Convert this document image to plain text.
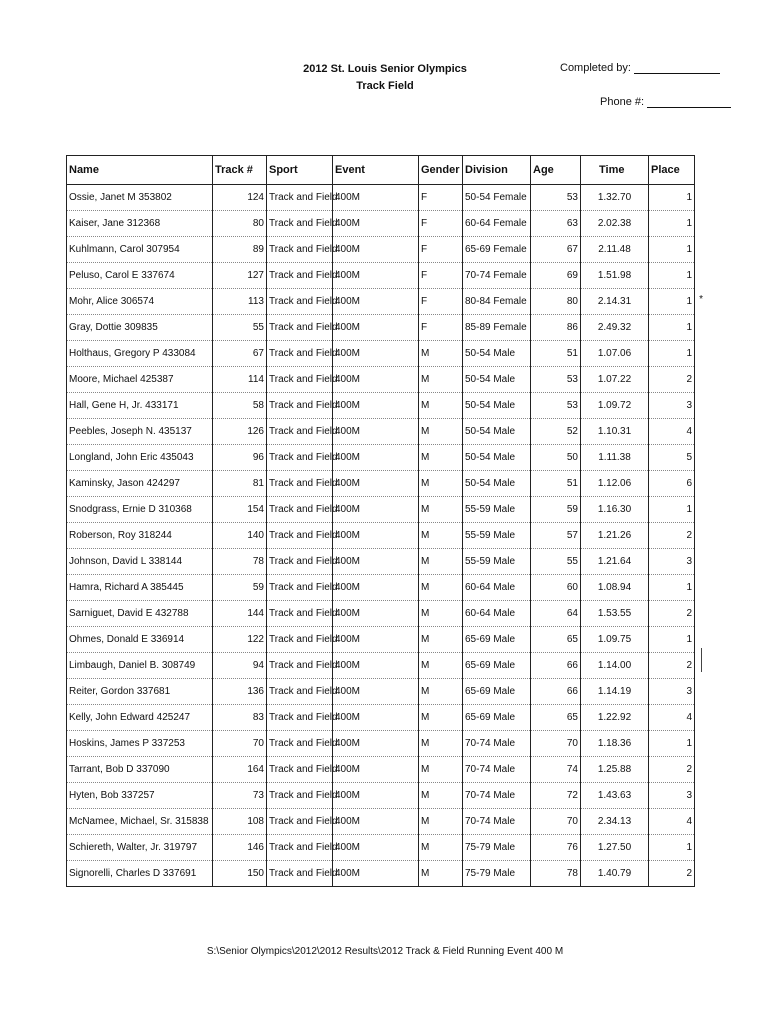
2012 St. Louis Senior Olympics
Track Field
Completed by:
Phone #:
Name	Track #	Sport	Event	Gender	Division	Age	Time	Place
Ossie, Janet M 353802	124	Track and Field	400M	F	50-54 Female	53	1.32.70	1
Kaiser, Jane 312368	80	Track and Field	400M	F	60-64 Female	63	2.02.38	1
Kuhlmann, Carol 307954	89	Track and Field	400M	F	65-69 Female	67	2.11.48	1
Peluso, Carol E 337674	127	Track and Field	400M	F	70-74 Female	69	1.51.98	1
Mohr, Alice 306574	113	Track and Field	400M	F	80-84 Female	80	2.14.31	1 *

Gray, Dottie 309835	55	Track and Field	400M	F	85-89 Female	86	2.49.32	1
Holthaus, Gregory P 433084	67	Track and Field	400M	M	50-54 Male	51	1.07.06	1
Moore, Michael 425387	114	Track and Field	400M	M	50-54 Male	53	1.07.22	2
Hall, Gene H, Jr. 433171	58	Track and Field	400M	M	50-54 Male	53	1.09.72	3
Peebles, Joseph N. 435137	126	Track and Field	400M	M	50-54 Male	52	1.10.31	4
Longland, John Eric 435043	96	Track and Field	400M	M	50-54 Male	50	1.11.38	5
Kaminsky, Jason 424297	81	Track and Field	400M	M	50-54 Male	51	1.12.06	6
Snodgrass, Ernie D 310368	154	Track and Field	400M	M	55-59 Male	59	1.16.30	1
Roberson, Roy 318244	140	Track and Field	400M	M	55-59 Male	57	1.21.26	2
Johnson, David L 338144	78	Track and Field	400M	M	55-59 Male	55	1.21.64	3
Hamra, Richard A 385445	59	Track and Field	400M	M	60-64 Male	60	1.08.94	1
Sarniguet, David E 432788	144	Track and Field	400M	M	60-64 Male	64	1.53.55	2
Ohmes, Donald E 336914	122	Track and Field	400M	M	65-69 Male	65	1.09.75	1
Limbaugh, Daniel B. 308749	94	Track and Field	400M	M	65-69 Male	66	1.14.00	2
Reiter, Gordon 337681	136	Track and Field	400M	M	65-69 Male	66	1.14.19	3
Kelly, John Edward 425247	83	Track and Field	400M	M	65-69 Male	65	1.22.92	4
Hoskins, James P 337253	70	Track and Field	400M	M	70-74 Male	70	1.18.36	1
Tarrant, Bob D 337090	164	Track and Field	400M	M	70-74 Male	74	1.25.88	2
Hyten, Bob 337257	73	Track and Field	400M	M	70-74 Male	72	1.43.63	3
McNamee, Michael, Sr. 315838	108	Track and Field	400M	M	70-74 Male	70	2.34.13	4
Schiereth, Walter, Jr. 319797	146	Track and Field	400M	M	75-79 Male	76	1.27.50	1
Signorelli, Charles D 337691	150	Track and Field	400M	M	75-79 Male	78	1.40.79	2
S:\Senior Olympics\2012\2012 Results\2012 Track & Field Running Event 400 M
